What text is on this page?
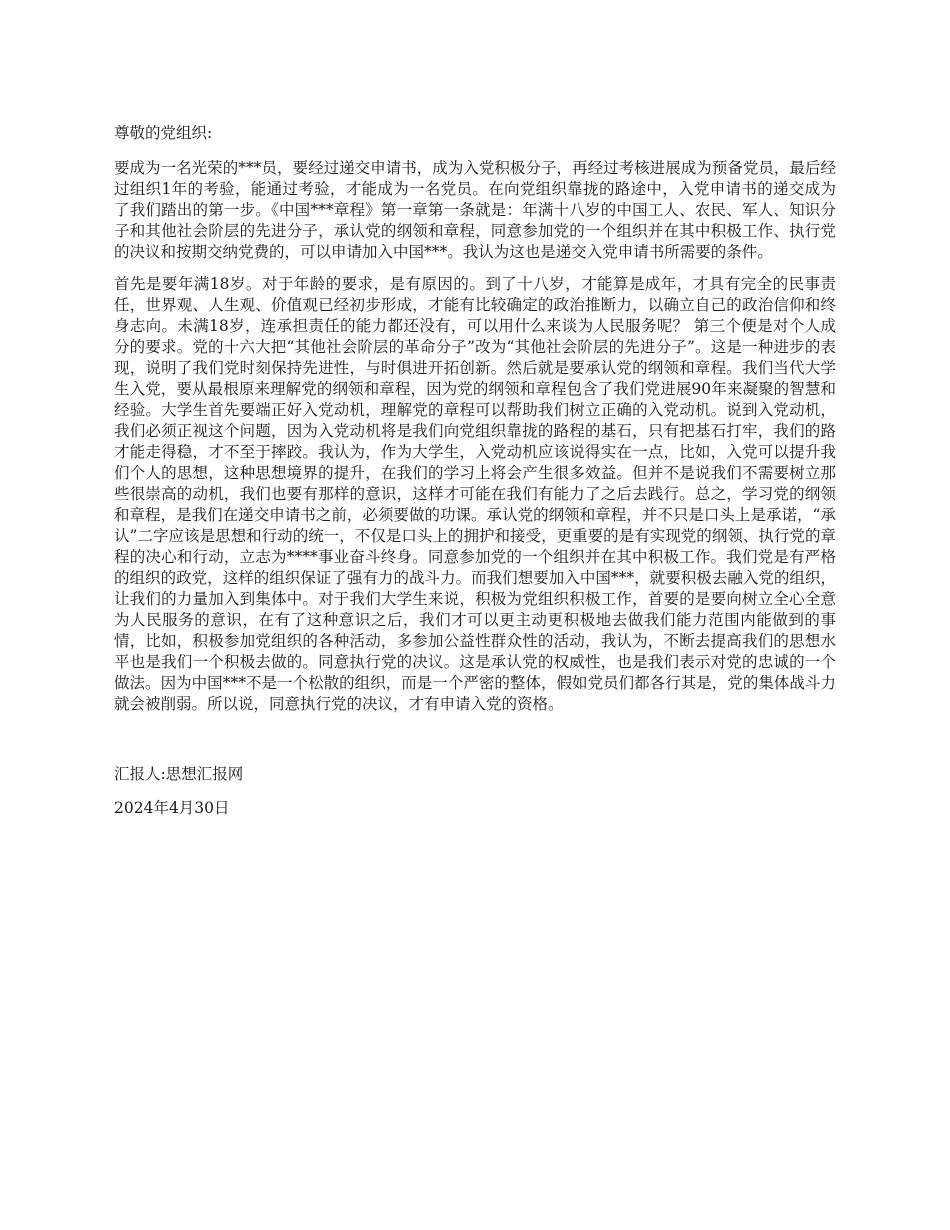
尊敬的党组织:

要成为一名光荣的***员，要经过递交申请书，成为入党积极分子，再经过考核进展成为预备党员，最后经过组织1年的考验，能通过考验，才能成为一名党员。在向党组织靠拢的路途中，入党申请书的递交成为了我们踏出的第一步。《中国***章程》第一章第一条就是：年满十八岁的中国工人、农民、军人、知识分子和其他社会阶层的先进分子，承认党的纲领和章程，同意参加党的一个组织并在其中积极工作、执行党的决议和按期交纳党费的，可以申请加入中国***。我认为这也是递交入党申请书所需要的条件。

首先是要年满18岁。对于年龄的要求，是有原因的。到了十八岁，才能算是成年，才具有完全的民事责任，世界观、人生观、价值观已经初步形成，才能有比较确定的政治推断力，以确立自己的政治信仰和终身志向。未满18岁，连承担责任的能力都还没有，可以用什么来谈为人民服务呢？ 第三个便是对个人成分的要求。党的十六大把“其他社会阶层的革命分子”改为“其他社会阶层的先进分子”。这是一种进步的表现，说明了我们党时刻保持先进性，与时俱进开拓创新。然后就是要承认党的纲领和章程。我们当代大学生入党，要从最根原来理解党的纲领和章程，因为党的纲领和章程包含了我们党进展90年来凝聚的智慧和经验。大学生首先要端正好入党动机，理解党的章程可以帮助我们树立正确的入党动机。说到入党动机，我们必须正视这个问题，因为入党动机将是我们向党组织靠拢的路程的基石，只有把基石打牢，我们的路才能走得稳，才不至于摔跤。我认为，作为大学生，入党动机应该说得实在一点，比如，入党可以提升我们个人的思想，这种思想境界的提升，在我们的学习上将会产生很多效益。但并不是说我们不需要树立那些很崇高的动机，我们也要有那样的意识，这样才可能在我们有能力了之后去践行。总之，学习党的纲领和章程，是我们在递交申请书之前，必须要做的功课。承认党的纲领和章程，并不只是口头上是承诺，“承认”二字应该是思想和行动的统一，不仅是口头上的拥护和接受，更重要的是有实现党的纲领、执行党的章程的决心和行动，立志为****事业奋斗终身。同意参加党的一个组织并在其中积极工作。我们党是有严格的组织的政党，这样的组织保证了强有力的战斗力。而我们想要加入中国***，就要积极去融入党的组织，让我们的力量加入到集体中。对于我们大学生来说，积极为党组织积极工作，首要的是要向树立全心全意为人民服务的意识，在有了这种意识之后，我们才可以更主动更积极地去做我们能力范围内能做到的事情，比如，积极参加党组织的各种活动，多参加公益性群众性的活动，我认为，不断去提高我们的思想水平也是我们一个积极去做的。同意执行党的决议。这是承认党的权威性，也是我们表示对党的忠诚的一个做法。因为中国***不是一个松散的组织，而是一个严密的整体，假如党员们都各行其是，党的集体战斗力就会被削弱。所以说，同意执行党的决议，才有申请入党的资格。

汇报人:思想汇报网

2024年4月30日
